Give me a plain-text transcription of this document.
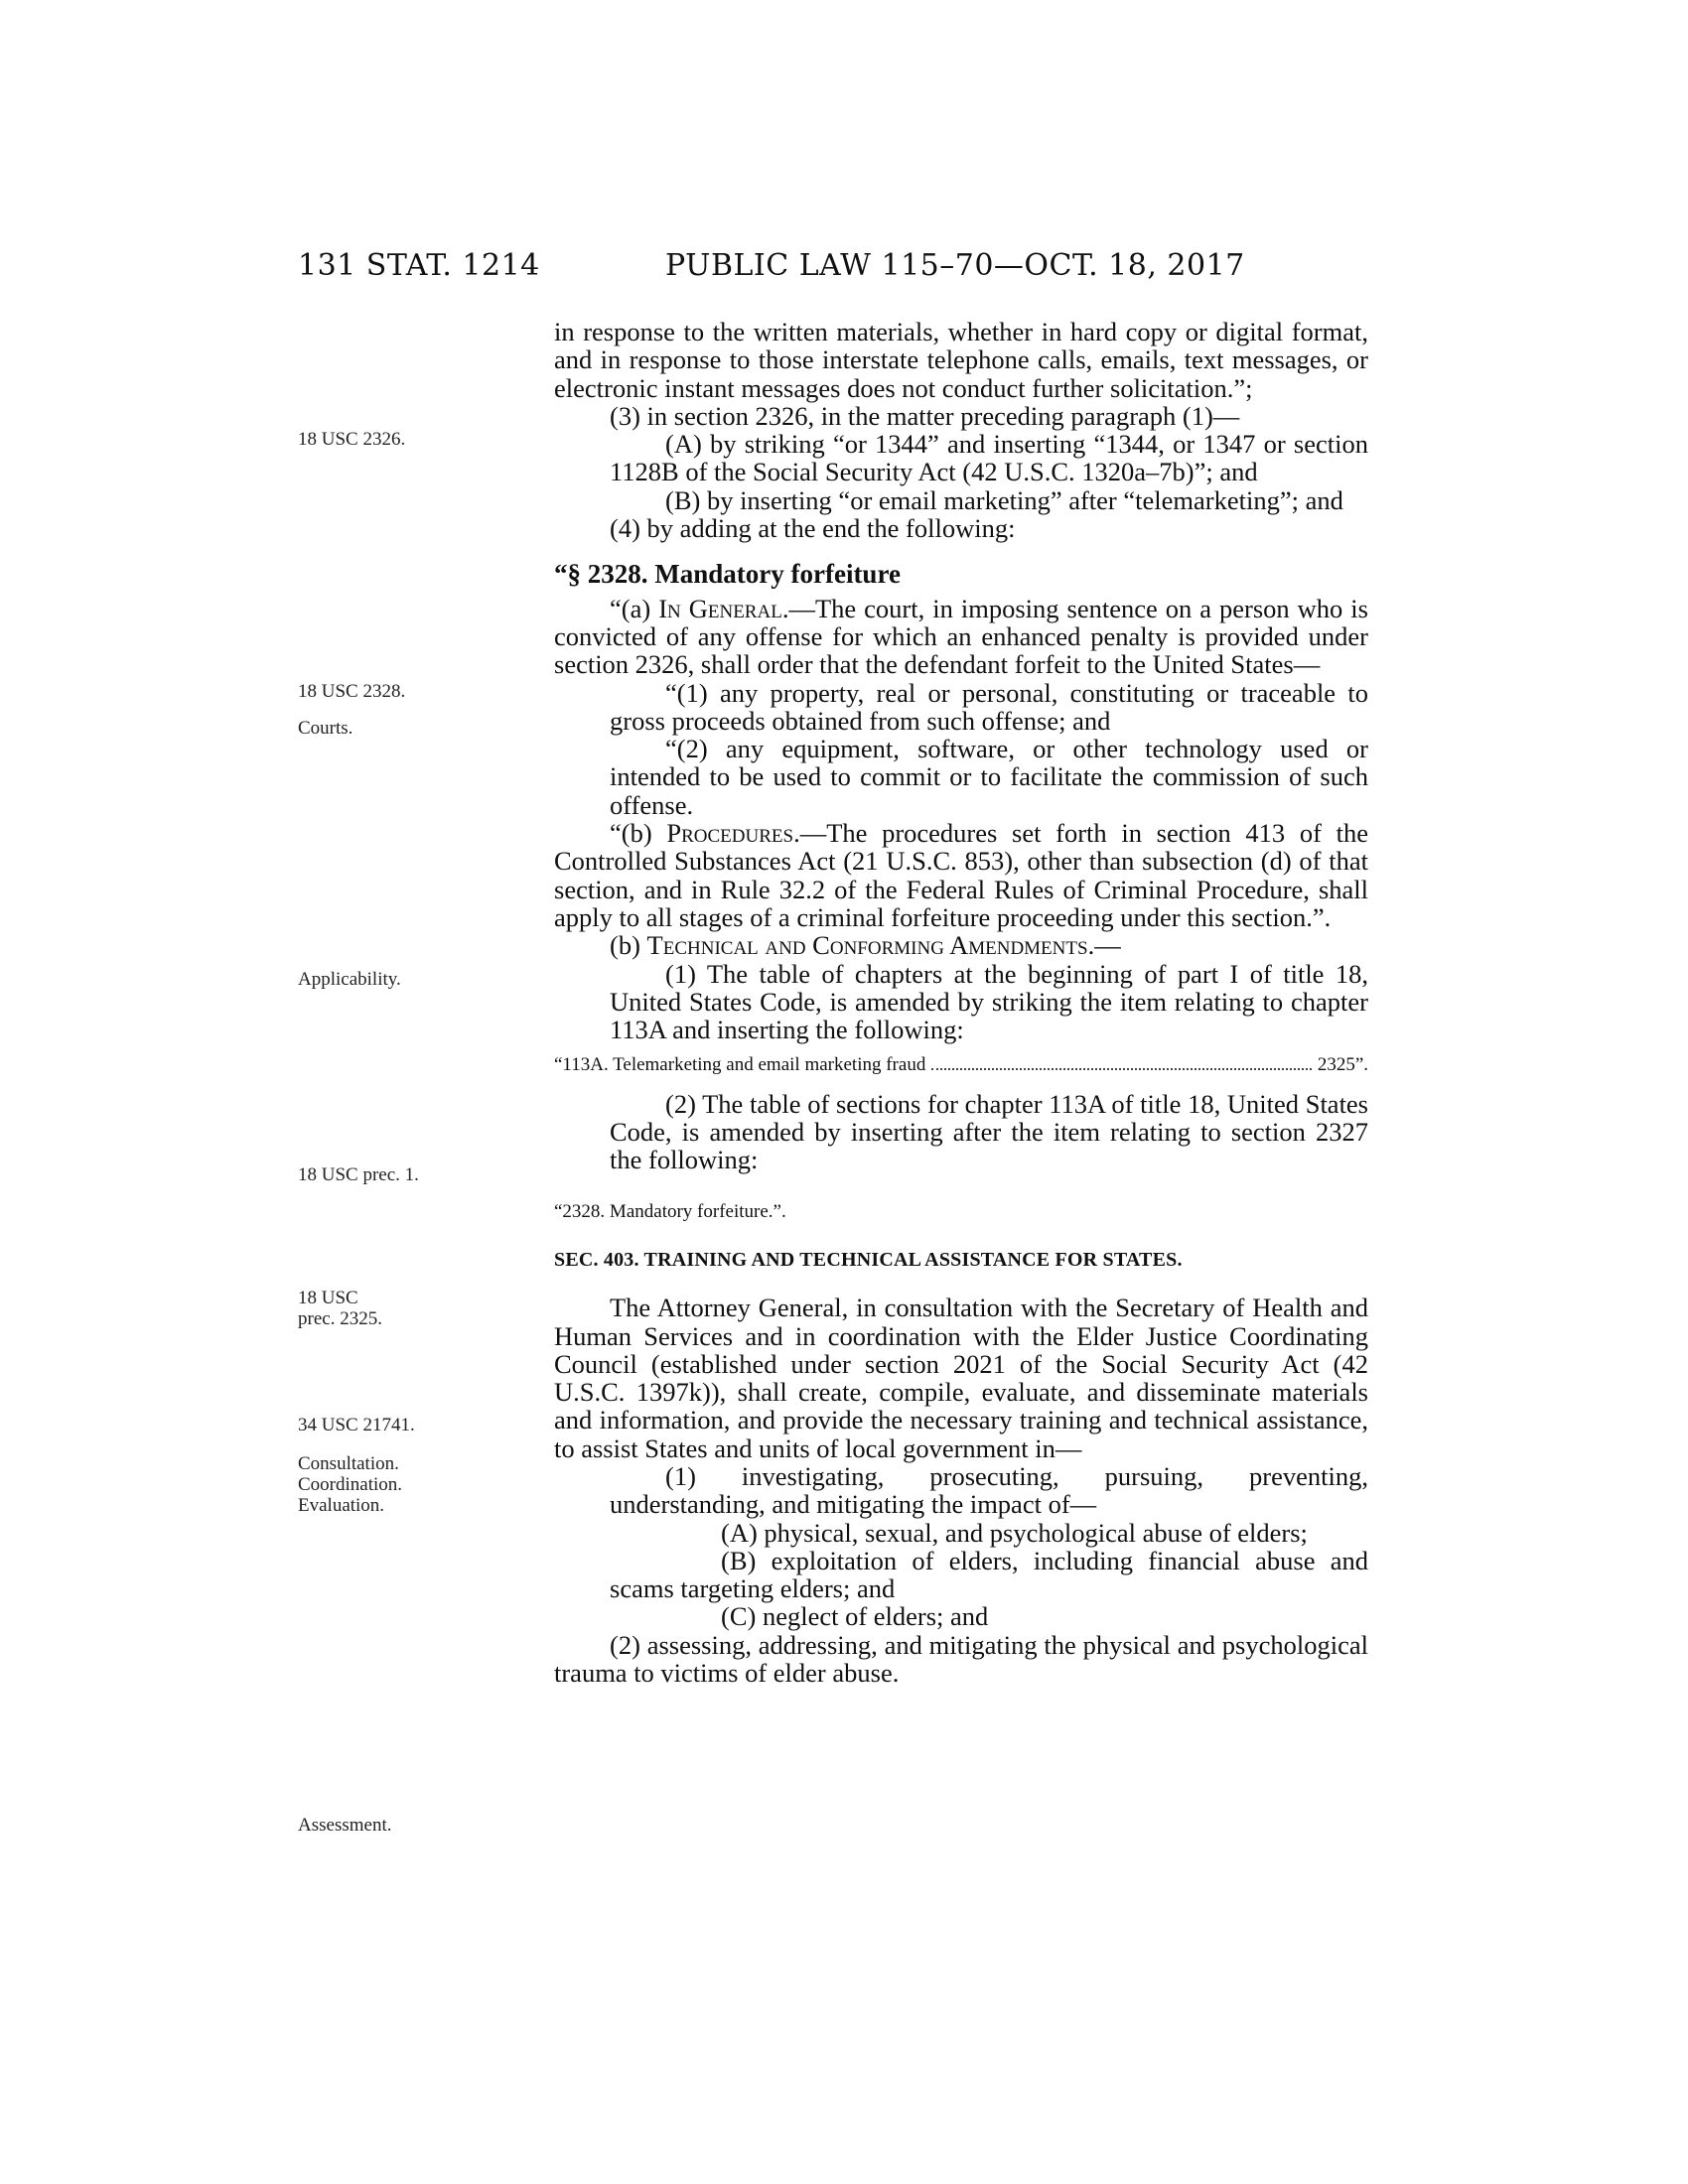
131 STAT. 1214	PUBLIC LAW 115–70—OCT. 18, 2017
18 USC 2326.
18 USC 2328.
Courts.
Applicability.
18 USC prec. 1.
18 USC
prec. 2325.
34 USC 21741.
Consultation.
Coordination.
Evaluation.
Assessment.

in response to the written materials, whether in hard copy or digital format, and in response to those interstate telephone calls, emails, text messages, or electronic instant messages does not conduct further solicitation.”;

(3) in section 2326, in the matter preceding paragraph (1)—

(A) by striking “or 1344” and inserting “1344, or 1347 or section 1128B of the Social Security Act (42 U.S.C. 1320a–7b)”; and

(B) by inserting “or email marketing” after “telemarketing”; and

(4) by adding at the end the following:

“§ 2328. Mandatory forfeiture

“(a) In General.—The court, in imposing sentence on a person who is convicted of any offense for which an enhanced penalty is provided under section 2326, shall order that the defendant forfeit to the United States—

“(1) any property, real or personal, constituting or traceable to gross proceeds obtained from such offense; and

“(2) any equipment, software, or other technology used or intended to be used to commit or to facilitate the commission of such offense.

“(b) Procedures.—The procedures set forth in section 413 of the Controlled Substances Act (21 U.S.C. 853), other than subsection (d) of that section, and in Rule 32.2 of the Federal Rules of Criminal Procedure, shall apply to all stages of a criminal forfeiture proceeding under this section.”.

(b) Technical and Conforming Amendments.—

(1) The table of chapters at the beginning of part I of title 18, United States Code, is amended by striking the item relating to chapter 113A and inserting the following:

“113A. Telemarketing and email marketing fraud	2325”.

(2) The table of sections for chapter 113A of title 18, United States Code, is amended by inserting after the item relating to section 2327 the following:

“2328. Mandatory forfeiture.”.

SEC. 403. TRAINING AND TECHNICAL ASSISTANCE FOR STATES.

The Attorney General, in consultation with the Secretary of Health and Human Services and in coordination with the Elder Justice Coordinating Council (established under section 2021 of the Social Security Act (42 U.S.C. 1397k)), shall create, compile, evaluate, and disseminate materials and information, and provide the necessary training and technical assistance, to assist States and units of local government in—

(1) investigating, prosecuting, pursuing, preventing, understanding, and mitigating the impact of—

(A) physical, sexual, and psychological abuse of elders;

(B) exploitation of elders, including financial abuse and scams targeting elders; and

(C) neglect of elders; and

(2) assessing, addressing, and mitigating the physical and psychological trauma to victims of elder abuse.
